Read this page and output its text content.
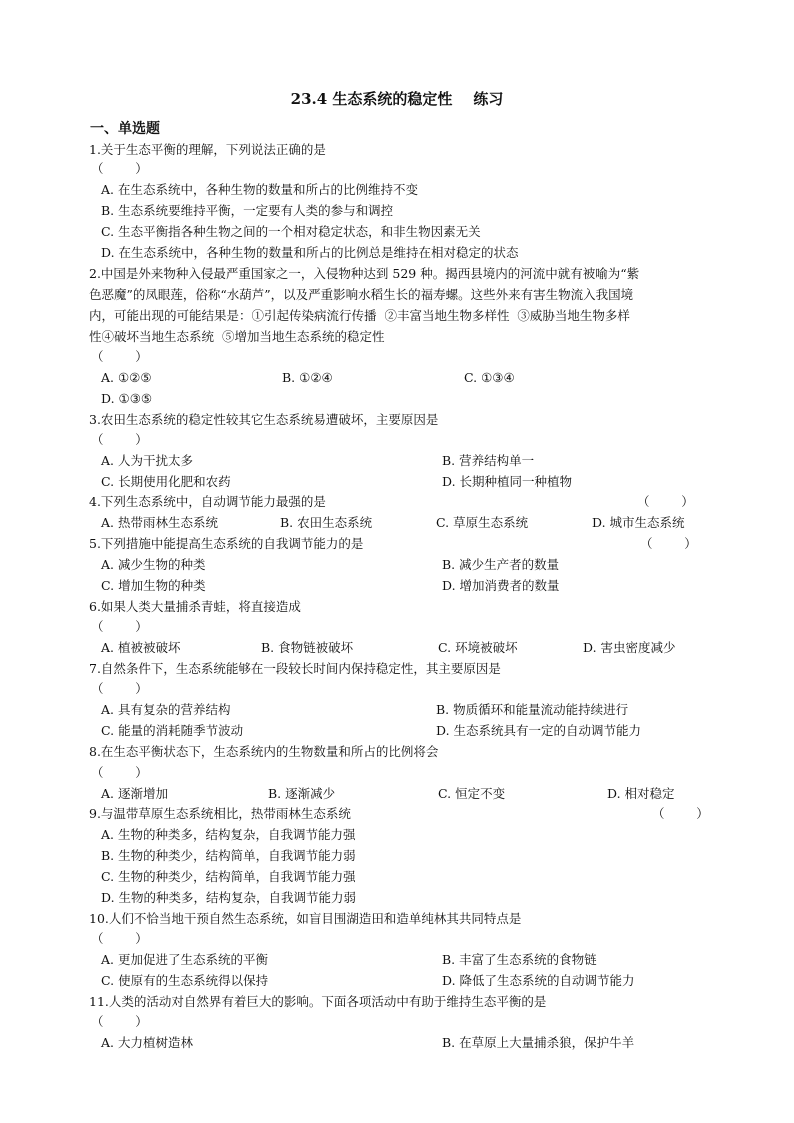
23.4 生态系统的稳定性    练习
一、单选题
1.关于生态平衡的理解，下列说法正确的是
（        ）
A. 在生态系统中，各种生物的数量和所占的比例维持不变
B. 生态系统要维持平衡，一定要有人类的参与和调控
C. 生态平衡指各种生物之间的一个相对稳定状态，和非生物因素无关
D. 在生态系统中，各种生物的数量和所占的比例总是维持在相对稳定的状态
2.中国是外来物种入侵最严重国家之一，入侵物种达到 529 种。揭西县境内的河流中就有被喻为“紫
色恶魔”的凤眼莲，俗称“水葫芦”，以及严重影响水稻生长的福寿螺。这些外来有害生物流入我国境
内，可能出现的可能结果是：①引起传染病流行传播  ②丰富当地生物多样性  ③威胁当地生物多样
性④破坏当地生态系统  ⑤增加当地生态系统的稳定性
（        ）
A. ①②⑤	B. ①②④	C. ①③④
D. ①③⑤
3.农田生态系统的稳定性较其它生态系统易遭破坏，主要原因是
（        ）
A. 人为干扰太多	B. 营养结构单一
C. 长期使用化肥和农药	D. 长期种植同一种植物
4.下列生态系统中，自动调节能力最强的是	（        ）
A. 热带雨林生态系统	B. 农田生态系统	C. 草原生态系统	D. 城市生态系统
5.下列措施中能提高生态系统的自我调节能力的是	（        ）
A. 减少生物的种类	B. 减少生产者的数量
C. 增加生物的种类	D. 增加消费者的数量
6.如果人类大量捕杀青蛙，将直接造成
（        ）
A. 植被被破坏	B. 食物链被破坏	C. 环境被破坏	D. 害虫密度减少
7.自然条件下，生态系统能够在一段较长时间内保持稳定性，其主要原因是
（        ）
A. 具有复杂的营养结构	B. 物质循环和能量流动能持续进行
C. 能量的消耗随季节波动	D. 生态系统具有一定的自动调节能力
8.在生态平衡状态下，生态系统内的生物数量和所占的比例将会
（        ）
A. 逐渐增加	B. 逐渐减少	C. 恒定不变	D. 相对稳定
9.与温带草原生态系统相比，热带雨林生态系统	（        ）
A. 生物的种类多，结构复杂，自我调节能力强
B. 生物的种类少，结构简单，自我调节能力弱
C. 生物的种类少，结构简单，自我调节能力强
D. 生物的种类多，结构复杂，自我调节能力弱
10.人们不恰当地干预自然生态系统，如盲目围湖造田和造单纯林其共同特点是
（        ）
A. 更加促进了生态系统的平衡	B. 丰富了生态系统的食物链
C. 使原有的生态系统得以保持	D. 降低了生态系统的自动调节能力
11.人类的活动对自然界有着巨大的影响。下面各项活动中有助于维持生态平衡的是
（        ）
A. 大力植树造林	B. 在草原上大量捕杀狼，保护牛羊
